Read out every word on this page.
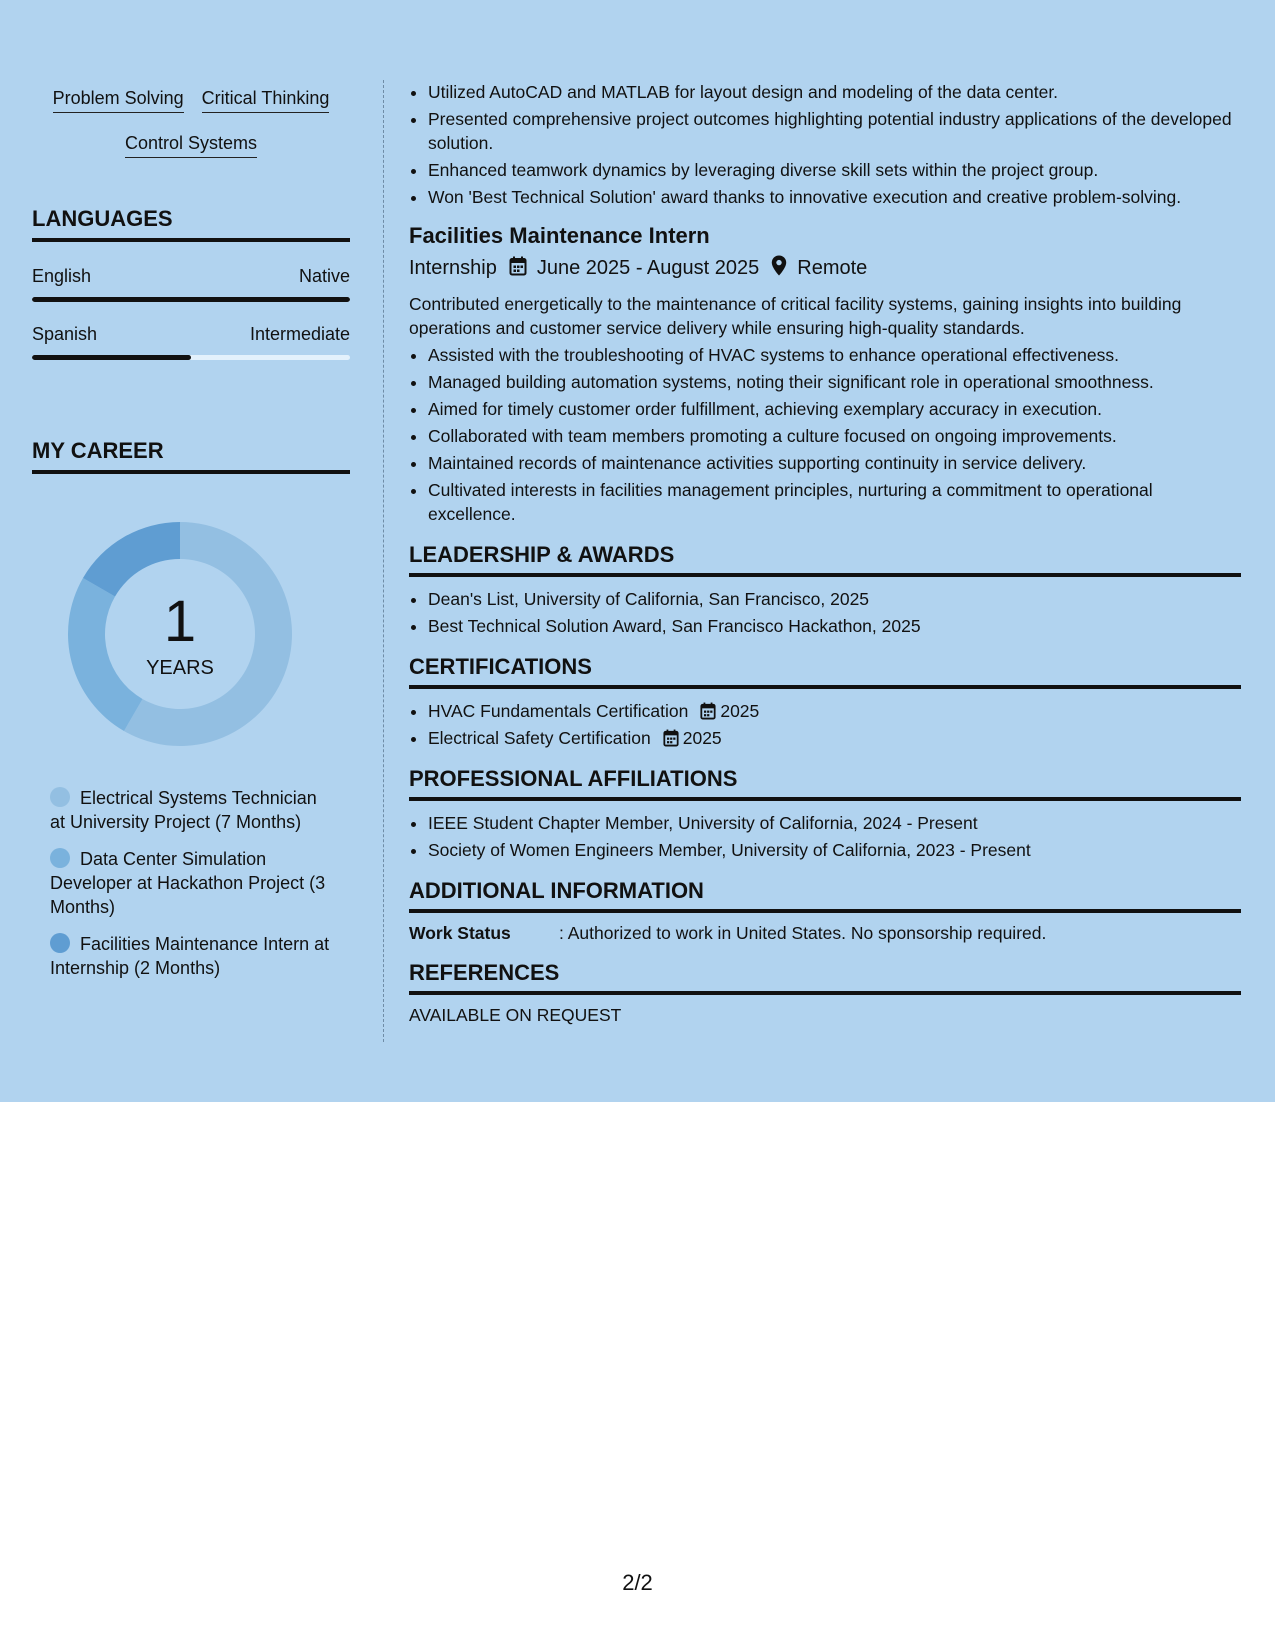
Problem Solving Critical Thinking
Control Systems
LANGUAGES
English	Native
Spanish	Intermediate
MY CAREER
1
YEARS
Electrical Systems Technician at University Project (7 Months)
Data Center Simulation Developer at Hackathon Project (3 Months)
Facilities Maintenance Intern at Internship (2 Months)
• Utilized AutoCAD and MATLAB for layout design and modeling of the data center.
• Presented comprehensive project outcomes highlighting potential industry applications of the developed solution.
• Enhanced teamwork dynamics by leveraging diverse skill sets within the project group.
• Won 'Best Technical Solution' award thanks to innovative execution and creative problem-solving.
Facilities Maintenance Intern
Internship June 2025 - August 2025 Remote

Contributed energetically to the maintenance of critical facility systems, gaining insights into building operations and customer service delivery while ensuring high-quality standards.

• Assisted with the troubleshooting of HVAC systems to enhance operational effectiveness.
• Managed building automation systems, noting their significant role in operational smoothness.
• Aimed for timely customer order fulfillment, achieving exemplary accuracy in execution.
• Collaborated with team members promoting a culture focused on ongoing improvements.
• Maintained records of maintenance activities supporting continuity in service delivery.
• Cultivated interests in facilities management principles, nurturing a commitment to operational excellence.
LEADERSHIP & AWARDS
• Dean's List, University of California, San Francisco, 2025
• Best Technical Solution Award, San Francisco Hackathon, 2025
CERTIFICATIONS
• HVAC Fundamentals Certification 2025
• Electrical Safety Certification 2025
PROFESSIONAL AFFILIATIONS
• IEEE Student Chapter Member, University of California, 2024 - Present
• Society of Women Engineers Member, University of California, 2023 - Present
ADDITIONAL INFORMATION
Work Status	: Authorized to work in United States. No sponsorship required.
REFERENCES
AVAILABLE ON REQUEST
2/2
